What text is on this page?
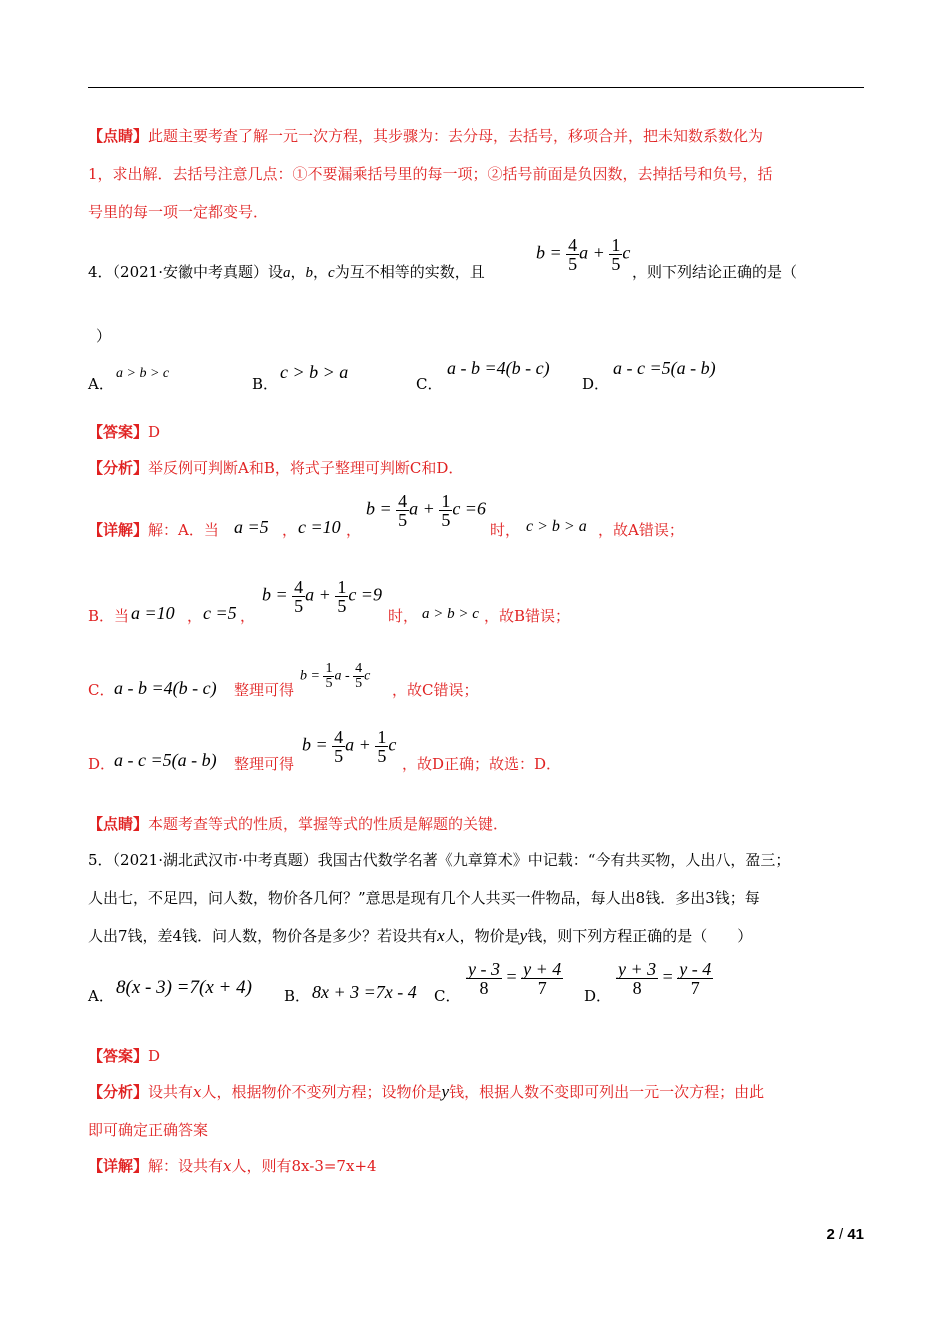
【点睛】此题主要考查了解一元一次方程，其步骤为：去分母，去括号，移项合并，把未知数系数化为
1，求出解．去括号注意几点：①不要漏乘括号里的每一项；②括号前面是负因数，去掉括号和负号，括
号里的每一项一定都变号．
4．（2021·安徽中考真题）设a，b，c为互不相等的实数，且
$b = \frac{4}{5}$ $a + \frac{1}{5}$ c
，则下列结论正确的是（
）
A．
a > b > c
B．
c > b > a
C．
a - b =4(b - c)
D．
a - c =5(a - b)
【答案】D
【分析】举反例可判断A和B，将式子整理可判断C和D．
【详解】解：A．当 a =5 ， c =10 ，
$b = \frac{4}{5}$ $a + \frac{1}{5}$ c =6
时， c > b > a ，故A错误；
B．当 a =10 ， c =5 ，
$b = \frac{4}{5}$ $a + \frac{1}{5}$ c =9
时， a > b > c ，故B错误；
C． a - b =4(b - c) 整理可得
$b = \frac{1}{5}$ a - $\frac{4}{5}$ c
，故C错误；
D．
a - c =5(a - b) 整理可得
$b = \frac{4}{5}$ $a + \frac{1}{5}$ c
，故D正确；故选：D．
【点睛】本题考查等式的性质，掌握等式的性质是解题的关键．
5．（2021·湖北武汉市·中考真题）我国古代数学名著《九章算术》中记载：“今有共买物，人出八，盈三；
人出七，不足四，问人数，物价各几何？”意思是现有几个人共买一件物品，每人出8钱．多出3钱；每
人出7钱，差4钱．问人数，物价各是多少？若设共有x人，物价是y钱，则下列方程正确的是（　　）
A． 8(x - 3) =7(x + 4) B． 8x + 3 =7x - 4 C． $\frac{y - 3}{8} = \frac{y + 4}{7}$ D． $\frac{y + 3}{8} = \frac{y - 4}{7}$
【答案】D
【分析】设共有x人，根据物价不变列方程；设物价是y钱，根据人数不变即可列出一元一次方程；由此
即可确定正确答案
【详解】解：设共有x人，则有8x-3=7x+4
2 / 41
